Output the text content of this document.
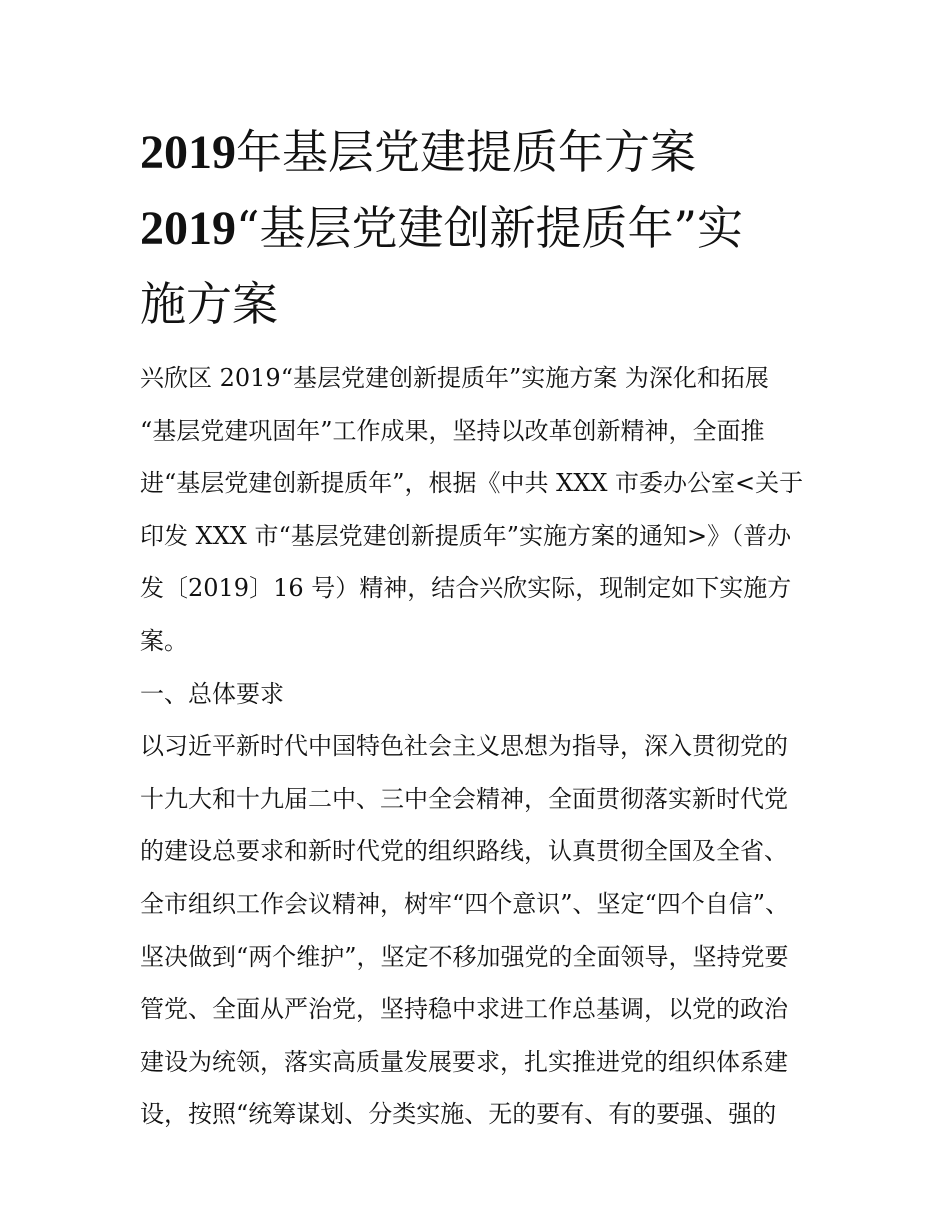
2019年基层党建提质年方案
2019“基层党建创新提质年”实
施方案
兴欣区 2019“基层党建创新提质年”实施方案 为深化和拓展
“基层党建巩固年”工作成果，坚持以改革创新精神，全面推
进“基层党建创新提质年”，根据《中共 XXX 市委办公室<关于
印发 XXX 市“基层党建创新提质年”实施方案的通知>》（普办
发〔2019〕16 号）精神，结合兴欣实际，现制定如下实施方
案。
一、总体要求
以习近平新时代中国特色社会主义思想为指导，深入贯彻党的
十九大和十九届二中、三中全会精神，全面贯彻落实新时代党
的建设总要求和新时代党的组织路线，认真贯彻全国及全省、
全市组织工作会议精神，树牢“四个意识”、坚定“四个自信”、
坚决做到“两个维护”，坚定不移加强党的全面领导，坚持党要
管党、全面从严治党，坚持稳中求进工作总基调，以党的政治
建设为统领，落实高质量发展要求，扎实推进党的组织体系建
设，按照“统筹谋划、分类实施、无的要有、有的要强、强的
